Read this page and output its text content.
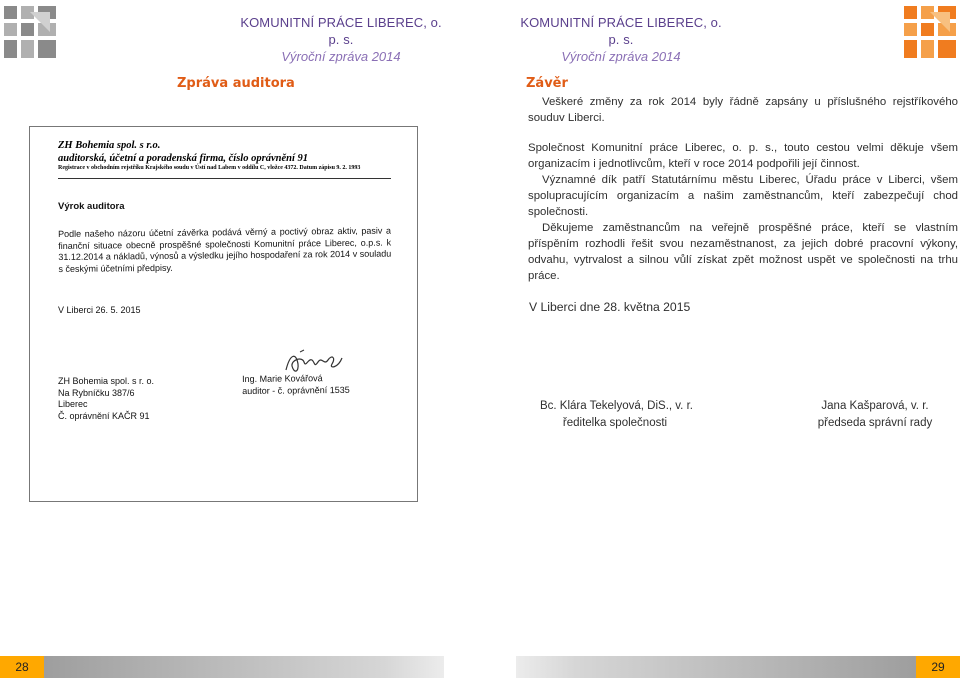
KOMUNITNÍ PRÁCE LIBEREC, o. p. s.
Výroční zpráva 2014
KOMUNITNÍ PRÁCE LIBEREC, o. p. s.
Výroční zpráva 2014
Zpráva auditora
ZH Bohemia spol. s r.o.
auditorská, účetní a poradenská firma, číslo oprávnění 91
Registrace v obchodním rejstříku Krajského soudu v Ústí nad Labem v oddílu C, vložce 4372. Datum zápisu 9. 2. 1993
Výrok auditora
Podle našeho názoru účetní závěrka podává věrný a poctivý obraz aktiv, pasiv a finanční situace obecně prospěšné společnosti Komunitní práce Liberec, o.p.s. k 31.12.2014 a nákladů, výnosů a výsledku jejího hospodaření za rok 2014 v souladu s českými účetními předpisy.
V Liberci 26. 5. 2015
ZH Bohemia spol. s r. o.
Na Rybníčku 387/6
Liberec
Č. oprávnění KAČR 91
Ing. Marie Kovářová
auditor - č. oprávnění 1535
Závěr

Veškeré změny za rok 2014 byly řádně zapsány u příslušného rejstříkového souduv Liberci.

Společnost Komunitní práce Liberec, o. p. s., touto cestou velmi děkuje všem organizacím i jednotlivcům, kteří v roce 2014 podpořili její činnost.

Významné dík patří Statutárnímu městu Liberec, Úřadu práce v Liberci, všem spolupracujícím organizacím a našim zaměstnancům, kteří zabezpečují chod společnosti.

Děkujeme zaměstnancům na veřejně prospěšné práce, kteří se vlastním příspěním rozhodli řešit svou nezaměstnanost, za jejich dobré pracovní výkony, odvahu, vytrvalost a silnou vůlí získat zpět možnost uspět ve společnosti na trhu práce.

V Liberci dne 28. května 2015
Bc. Klára Tekelyová, DiS., v. r.
ředitelka společnosti
Jana Kašparová, v. r.
předseda správní rady
28	29
